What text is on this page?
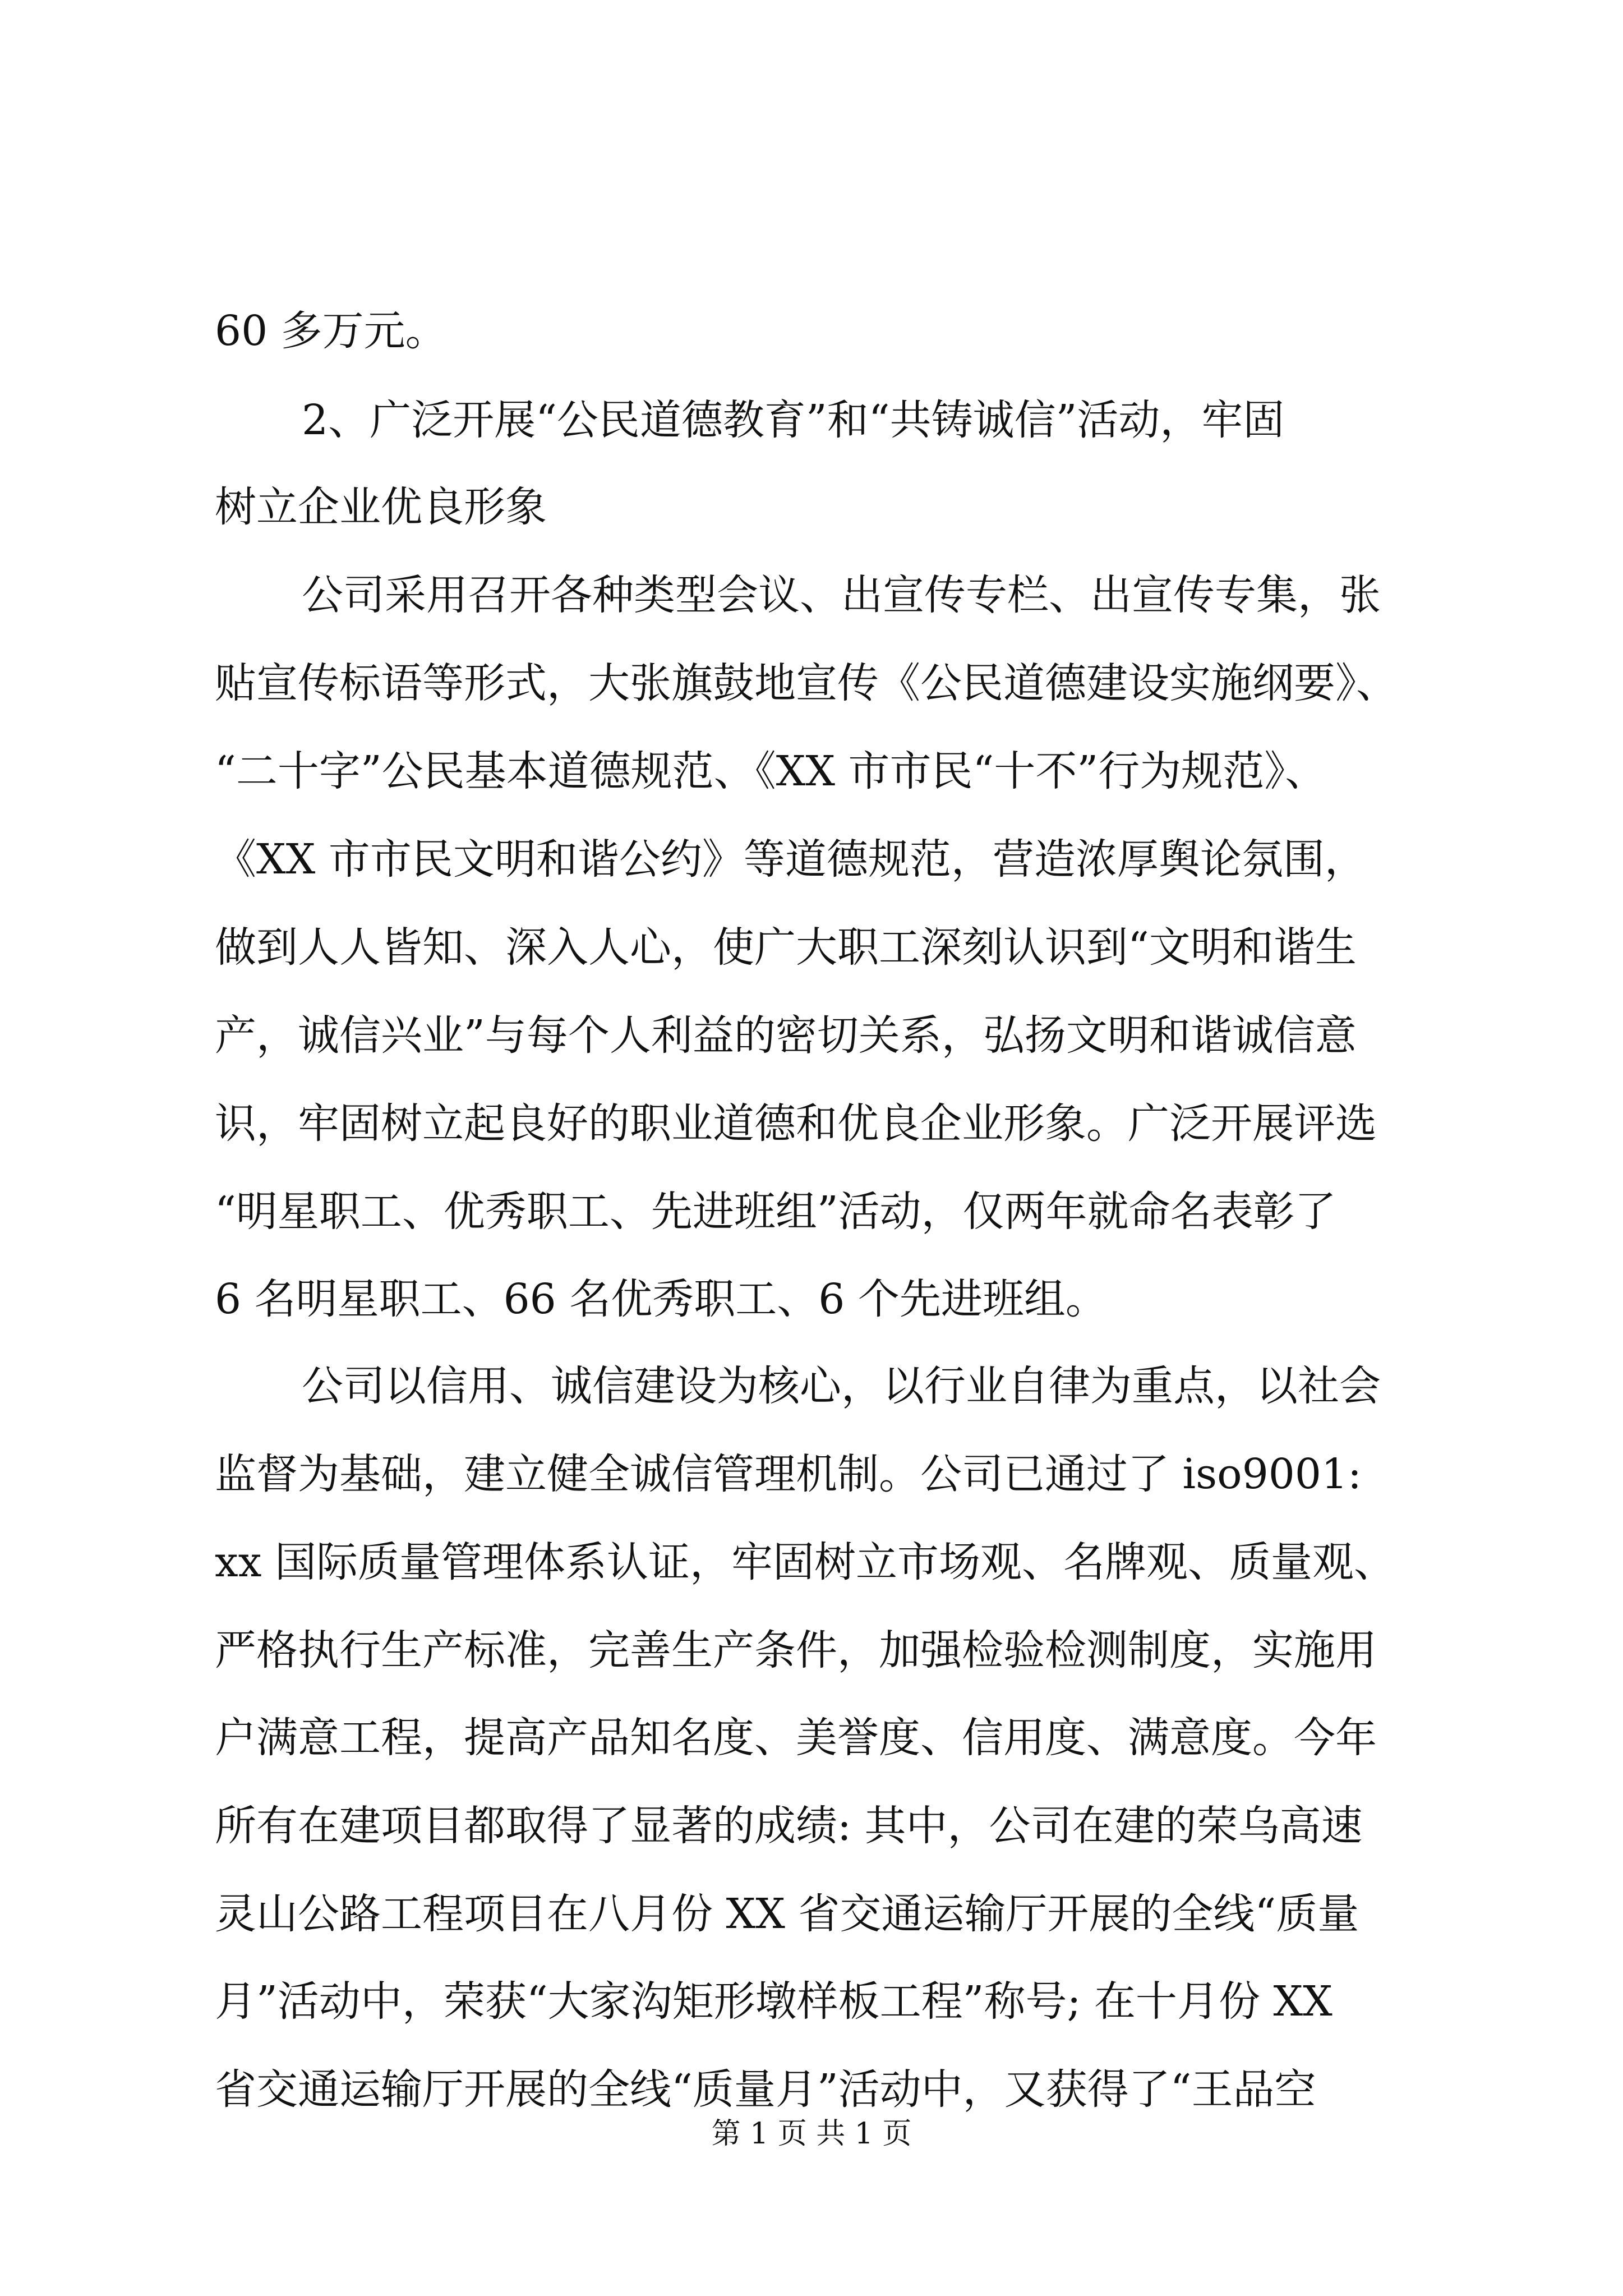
60 多万元。

2、广泛开展“公民道德教育”和“共铸诚信”活动，牢固

树立企业优良形象

公司采用召开各种类型会议、出宣传专栏、出宣传专集，张

贴宣传标语等形式，大张旗鼓地宣传《公民道德建设实施纲要》、

“二十字”公民基本道德规范、《XX 市市民“十不”行为规范》、

《XX 市市民文明和谐公约》等道德规范，营造浓厚舆论氛围，

做到人人皆知、深入人心，使广大职工深刻认识到“文明和谐生

产，诚信兴业”与每个人利益的密切关系，弘扬文明和谐诚信意

识，牢固树立起良好的职业道德和优良企业形象。广泛开展评选

“明星职工、优秀职工、先进班组”活动，仅两年就命名表彰了

6 名明星职工、66 名优秀职工、6 个先进班组。

公司以信用、诚信建设为核心，以行业自律为重点，以社会

监督为基础，建立健全诚信管理机制。公司已通过了 iso9001:

xx 国际质量管理体系认证，牢固树立市场观、名牌观、质量观、

严格执行生产标准，完善生产条件，加强检验检测制度，实施用

户满意工程，提高产品知名度、美誉度、信用度、满意度。今年

所有在建项目都取得了显著的成绩: 其中，公司在建的荣乌高速

灵山公路工程项目在八月份 XX 省交通运输厅开展的全线“质量

月”活动中，荣获“大家沟矩形墩样板工程”称号; 在十月份 XX

省交通运输厅开展的全线“质量月”活动中，又获得了“王品空

第 1 页 共 1 页
